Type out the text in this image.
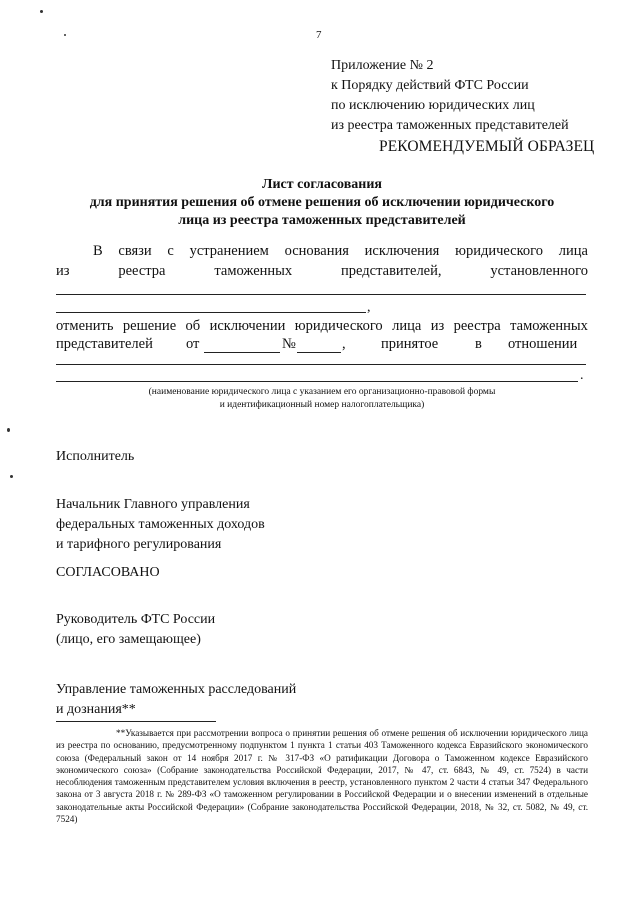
7
Приложение № 2
к Порядку действий ФТС России
по исключению юридических лиц
из реестра таможенных представителей
РЕКОМЕНДУЕМЫЙ ОБРАЗЕЦ
Лист согласования
для принятия решения об отмене решения об исключении юридического
лица из реестра таможенных представителей
В связи с устранением основания исключения юридического лица
из	реестра	таможенных	представителей,	установленного
,
отменить решение об исключении юридического лица из реестра таможенных
представителей от	№	, принятое	в отношении
.
(наименование юридического лица с указанием его организационно-правовой формы
и идентификационный номер налогоплательщика)
Исполнитель
Начальник Главного управления
федеральных таможенных доходов
и тарифного регулирования
СОГЛАСОВАНО
Руководитель ФТС России
(лицо, его замещающее)
Управление таможенных расследований
и дознания**
**Указывается при рассмотрении вопроса о принятии решения об отмене решения об исключении юридического лица из реестра по основанию, предусмотренному подпунктом 1 пункта 1 статьи 403 Таможенного кодекса Евразийского экономического союза (Федеральный закон от 14 ноября 2017 г. № 317-ФЗ «О ратификации Договора о Таможенном кодексе Евразийского экономического союза» (Собрание законодательства Российской Федерации, 2017, № 47, ст. 6843, № 49, ст. 7524) в части несоблюдения таможенным представителем условия включения в реестр, установленного пунктом 2 части 4 статьи 347 Федерального закона от 3 августа 2018 г. № 289-ФЗ «О таможенном регулировании в Российской Федерации и о внесении изменений в отдельные законодательные акты Российской Федерации» (Собрание законодательства Российской Федерации, 2018, № 32, ст. 5082, № 49, ст. 7524)
